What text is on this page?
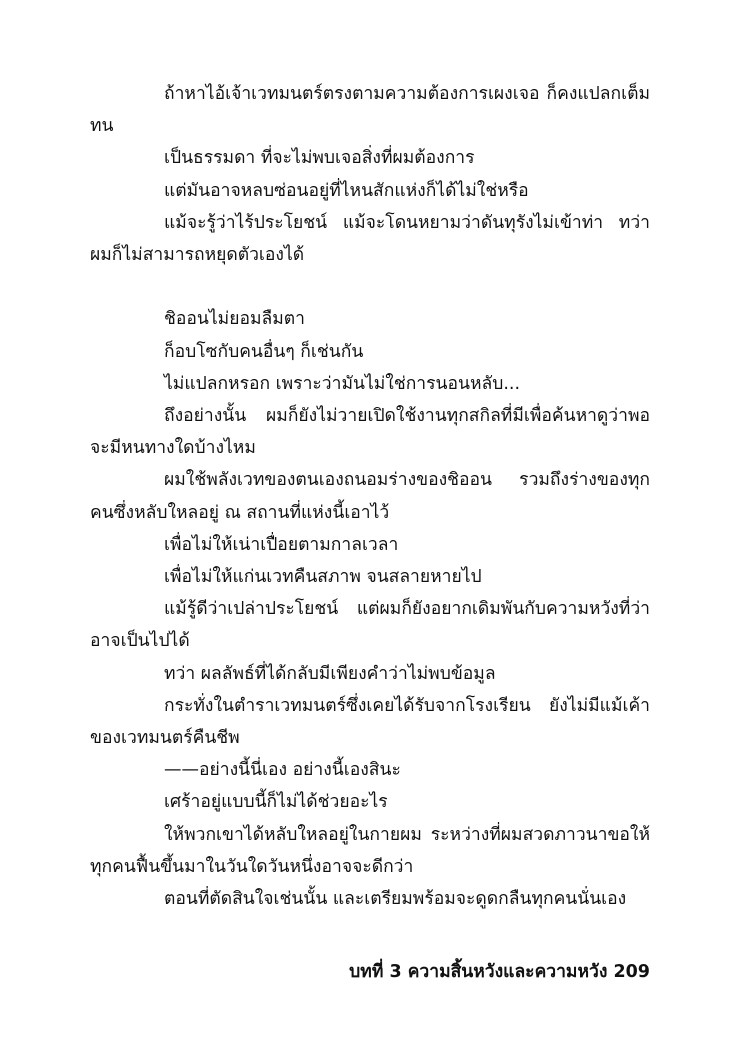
ถ้าหาไอ้เจ้าเวทมนตร์ตรงตามความต้องการเผงเจอ ก็คงแปลกเต็มทน

เป็นธรรมดา ที่จะไม่พบเจอสิ่งที่ผมต้องการ

แต่มันอาจหลบซ่อนอยู่ที่ไหนสักแห่งก็ได้ไม่ใช่หรือ

แม้จะรู้ว่าไร้ประโยชน์ แม้จะโดนหยามว่าดันทุรังไม่เข้าท่า ทว่าผมก็ไม่สามารถหยุดตัวเองได้

ชิออนไม่ยอมลืมตา

ก็อบโซกับคนอื่นๆ ก็เช่นกัน

ไม่แปลกหรอก เพราะว่ามันไม่ใช่การนอนหลับ...

ถึงอย่างนั้น ผมก็ยังไม่วายเปิดใช้งานทุกสกิลที่มีเพื่อค้นหาดูว่าพอจะมีหนทางใดบ้างไหม

ผมใช้พลังเวทของตนเองถนอมร่างของชิออน รวมถึงร่างของทุกคนซึ่งหลับใหลอยู่ ณ สถานที่แห่งนี้เอาไว้

เพื่อไม่ให้เน่าเปื่อยตามกาลเวลา

เพื่อไม่ให้แก่นเวทคืนสภาพ จนสลายหายไป

แม้รู้ดีว่าเปล่าประโยชน์ แต่ผมก็ยังอยากเดิมพันกับความหวังที่ว่าอาจเป็นไปได้

ทว่า ผลลัพธ์ที่ได้กลับมีเพียงคำว่าไม่พบข้อมูล

กระทั่งในตำราเวทมนตร์ซึ่งเคยได้รับจากโรงเรียน ยังไม่มีแม้เค้าของเวทมนตร์คืนชีพ

——อย่างนี้นี่เอง อย่างนี้เองสินะ

เศร้าอยู่แบบนี้ก็ไม่ได้ช่วยอะไร

ให้พวกเขาได้หลับใหลอยู่ในกายผม ระหว่างที่ผมสวดภาวนาขอให้ทุกคนฟื้นขึ้นมาในวันใดวันหนึ่งอาจจะดีกว่า

ตอนที่ตัดสินใจเช่นนั้น และเตรียมพร้อมจะดูดกลืนทุกคนนั่นเอง

บทที่ 3 ความสิ้นหวังและความหวัง 209
